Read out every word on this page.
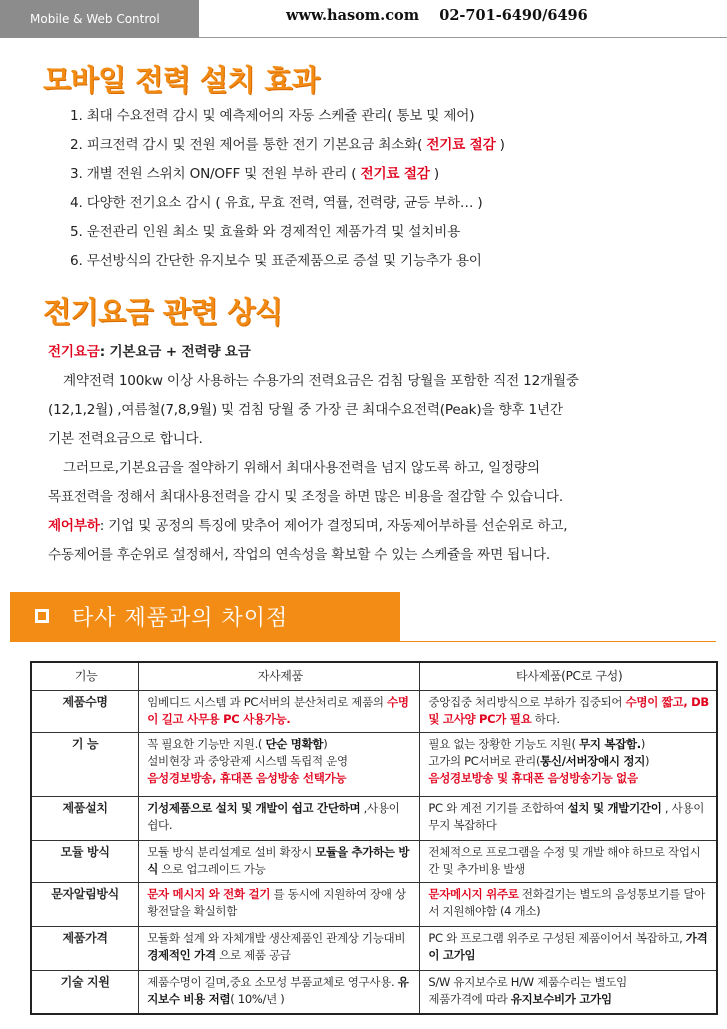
Mobile & Web Control	www.hasom.com    02-701-6490/6496
모바일 전력 설치 효과
1. 최대 수요전력 감시 및 예측제어의 자동 스케쥴 관리( 통보 및 제어)
2. 피크전력 감시 및 전원 제어를 통한 전기 기본요금 최소화( 전기료 절감 )
3. 개별 전원 스위치 ON/OFF 및 전원 부하 관리 ( 전기료 절감 )
4. 다양한 전기요소 감시 ( 유효, 무효 전력, 역률, 전력량, 균등 부하… )
5. 운전관리 인원 최소 및 효율화 와 경제적인 제품가격 및 설치비용
6. 무선방식의 간단한 유지보수 및 표준제품으로 증설 및 기능추가 용이
전기요금 관련 상식

전기요금: 기본요금 + 전력량 요금

계약전력 100kw 이상 사용하는 수용가의 전력요금은 검침 당월을 포함한 직전 12개월중

(12,1,2월) ,여름철(7,8,9월) 및 검침 당월 중 가장 큰 최대수요전력(Peak)을 향후 1년간

기본 전력요금으로 합니다.

그러므로,기본요금을 절약하기 위해서 최대사용전력을 넘지 않도록 하고, 일정량의

목표전력을 정해서 최대사용전력을 감시 및 조정을 하면 많은 비용을 절감할 수 있습니다.

제어부하: 기업 및 공정의 특징에 맞추어 제어가 결정되며, 자동제어부하를 선순위로 하고,

수동제어를 후순위로 설정해서, 작업의 연속성을 확보할 수 있는 스케쥴을 짜면 됩니다.

타사 제품과의 차이점
기능	자사제품	타사제품(PC로 구성)
제품수명	임베디드 시스템 과 PC서버의 분산처리로 제품의 수명이 길고 사무용 PC 사용가능.	중앙집중 처리방식으로 부하가 집중되어 수명이 짧고, DB 및 고사양 PC가 필요 하다.
기 능	꼭 필요한 기능만 지원.( 단순 명확함)
설비현장 과 중앙관제 시스템 독립적 운영
음성경보방송, 휴대폰 음성방송 선택가능	필요 없는 장황한 기능도 지원( 무지 복잡함.)
고가의 PC서버로 관리(통신/서버장애시 정지)
음성경보방송 및 휴대폰 음성방송기능 없음
제품설치	기성제품으로 설치 및 개발이 쉽고 간단하며 ,사용이 쉽다.	PC 와 계전 기기를 조합하여 설치 및 개발기간이 , 사용이 무지 복잡하다
모듈 방식	모듈 방식 분리설계로 설비 확장시 모듈을 추가하는 방식 으로 업그레이드 가능	전체적으로 프로그램을 수정 및 개발 해야 하므로 작업시간 및 추가비용 발생
문자알림방식	문자 메시지 와 전화 걸기 를 동시에 지원하여 장애 상황전달을 확실히함	문자메시지 위주로 전화걸기는 별도의 음성통보기를 달아서 지원해야함 (4 개소)
제품가격	모듈화 설계 와 자체개발 생산제품인 관계상 기능대비 경제적인 가격 으로 제품 공급	PC 와 프로그램 위주로 구성된 제품이어서 복잡하고, 가격이 고가임
기술 지원	제품수명이 길며,중요 소모성 부품교체로 영구사용. 유지보수 비용 저렴( 10%/년 )	S/W 유지보수로 H/W 제품수리는 별도임
제품가격에 따라 유지보수비가 고가임
